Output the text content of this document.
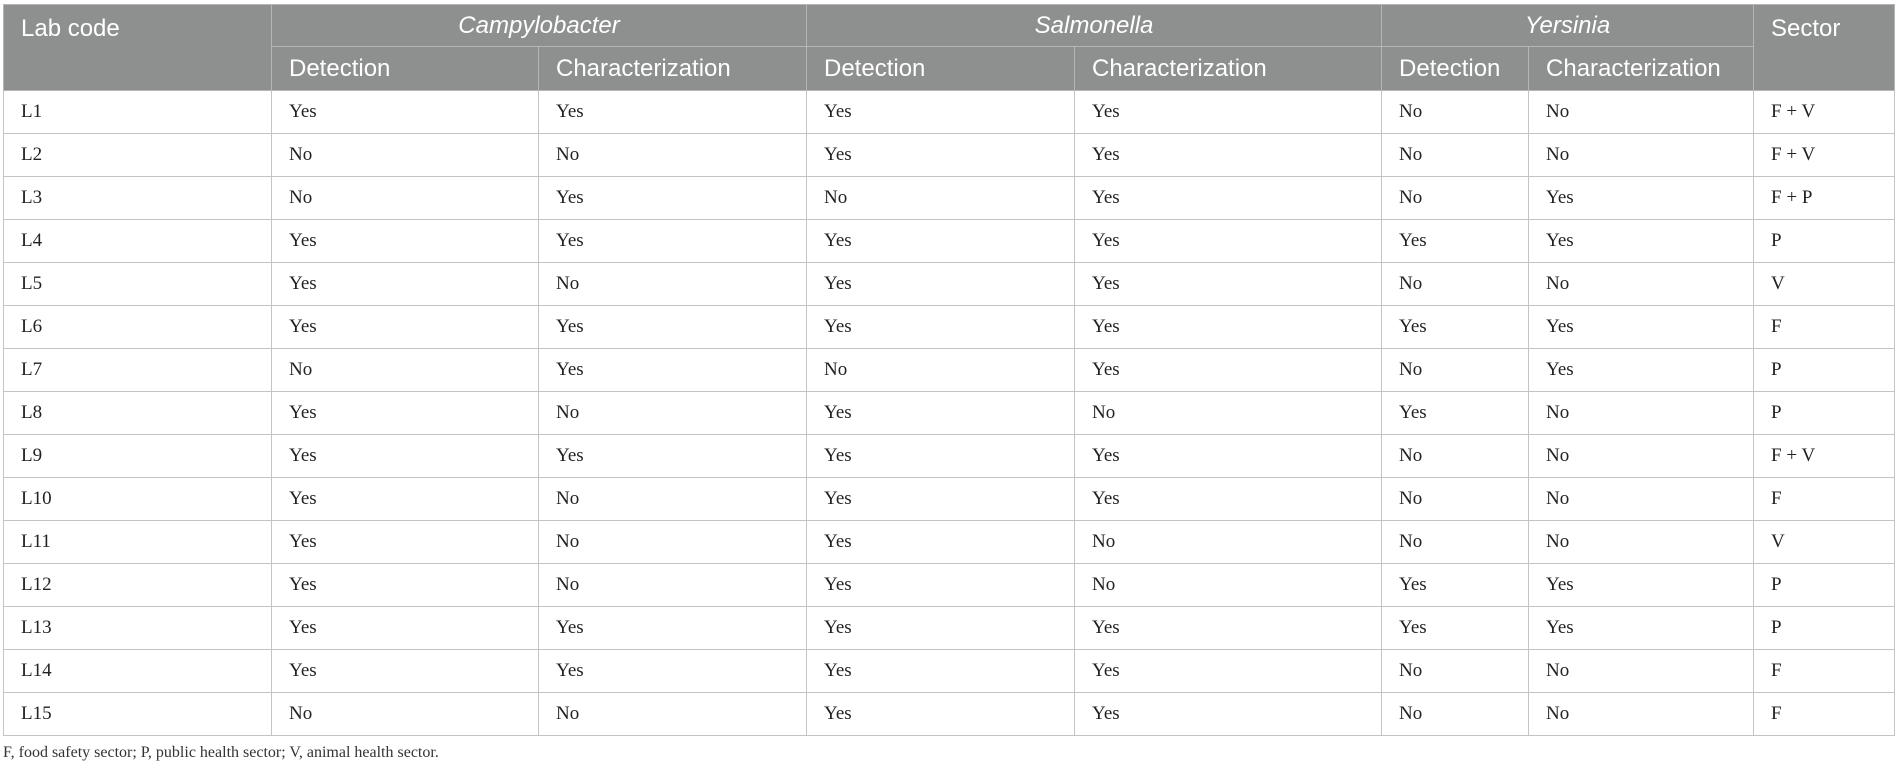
Lab code	Campylobacter		Salmonella		Yersinia		Sector
	Detection	Characterization	Detection	Characterization	Detection	Characterization	
L1	Yes	Yes	Yes	Yes	No	No	F + V
L2	No	No	Yes	Yes	No	No	F + V
L3	No	Yes	No	Yes	No	Yes	F + P
L4	Yes	Yes	Yes	Yes	Yes	Yes	P
L5	Yes	No	Yes	Yes	No	No	V
L6	Yes	Yes	Yes	Yes	Yes	Yes	F
L7	No	Yes	No	Yes	No	Yes	P
L8	Yes	No	Yes	No	Yes	No	P
L9	Yes	Yes	Yes	Yes	No	No	F + V
L10	Yes	No	Yes	Yes	No	No	F
L11	Yes	No	Yes	No	No	No	V
L12	Yes	No	Yes	No	Yes	Yes	P
L13	Yes	Yes	Yes	Yes	Yes	Yes	P
L14	Yes	Yes	Yes	Yes	No	No	F
L15	No	No	Yes	Yes	No	No	F
F, food safety sector; P, public health sector; V, animal health sector.
